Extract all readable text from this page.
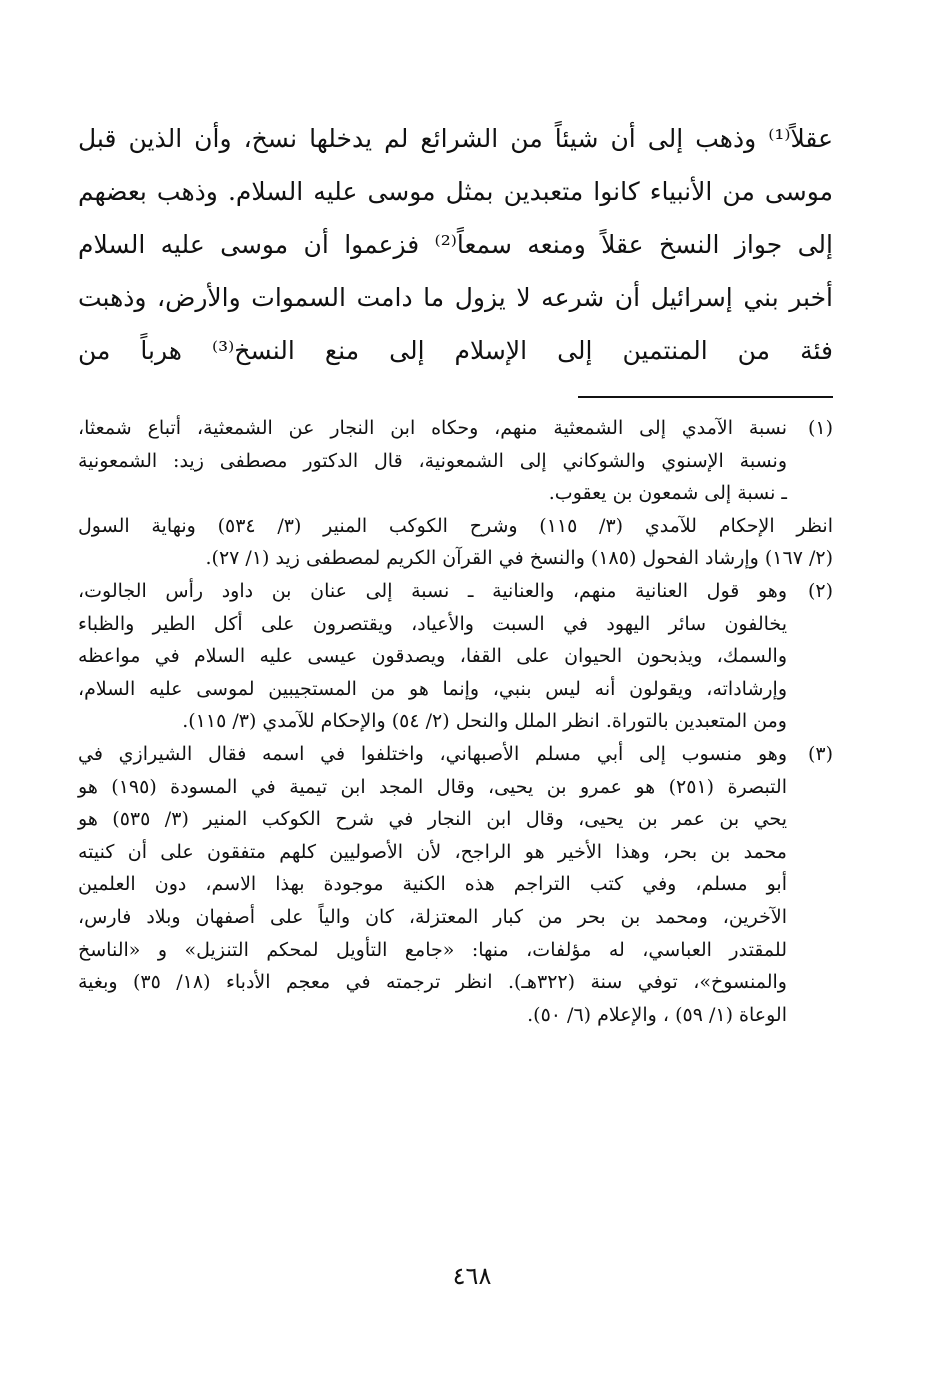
عقلاً⁽¹⁾ وذهب إلى أن شيئاً من الشرائع لم يدخلها نسخ، وأن الذين قبل
موسى من الأنبياء كانوا متعبدين بمثل موسى عليه السلام. وذهب بعضهم
إلى جواز النسخ عقلاً ومنعه سمعاً⁽²⁾ فزعموا أن موسى عليه السلام
أخبر بني إسرائيل أن شرعه لا يزول ما دامت السموات والأرض، وذهبت
فئة من المنتمين إلى الإسلام إلى منع النسخ⁽³⁾ هرباً من

(١)
نسبة الآمدي إلى الشمعثية منهم، وحكاه ابن النجار عن الشمعثية، أتباع شمعثا،
ونسبة الإسنوي والشوكاني إلى الشمعونية، قال الدكتور مصطفى زيد: الشمعونية
ـ نسبة إلى شمعون بن يعقوب.
انظر الإحكام للآمدي (٣/ ١١٥) وشرح الكوكب المنير (٣/ ٥٣٤) ونهاية السول
(٢/ ١٦٧) وإرشاد الفحول (١٨٥) والنسخ في القرآن الكريم لمصطفى زيد (١/ ٢٧).
(٢)
وهو قول العنانية منهم، والعنانية ـ نسبة إلى عنان بن داود رأس الجالوت،
يخالفون سائر اليهود في السبت والأعياد، ويقتصرون على أكل الطير والظباء
والسمك، ويذبحون الحيوان على القفا، ويصدقون عيسى عليه السلام في مواعظه
وإرشاداته، ويقولون أنه ليس بنبي، وإنما هو من المستجيبين لموسى عليه السلام،
ومن المتعبدين بالتوراة. انظر الملل والنحل (٢/ ٥٤) والإحكام للآمدي (٣/ ١١٥).
(٣)
وهو منسوب إلى أبي مسلم الأصبهاني، واختلفوا في اسمه فقال الشيرازي في
التبصرة (٢٥١) هو عمرو بن يحيى، وقال المجد ابن تيمية في المسودة (١٩٥) هو
يحي بن عمر بن يحيى، وقال ابن النجار في شرح الكوكب المنير (٣/ ٥٣٥) هو
محمد بن بحر، وهذا الأخير هو الراجح، لأن الأصوليين كلهم متفقون على أن كنيته
أبو مسلم، وفي كتب التراجم هذه الكنية موجودة بهذا الاسم، دون العلمين
الآخرين، ومحمد بن بحر من كبار المعتزلة، كان والياً على أصفهان وبلاد فارس،
للمقتدر العباسي، له مؤلفات، منها: «جامع التأويل لمحكم التنزيل» و «الناسخ
والمنسوخ»، توفي سنة (٣٢٢هـ). انظر ترجمته في معجم الأدباء (١٨/ ٣٥) وبغية
الوعاة (١/ ٥٩) ، والإعلام (٦/ ٥٠).
٤٦٨
